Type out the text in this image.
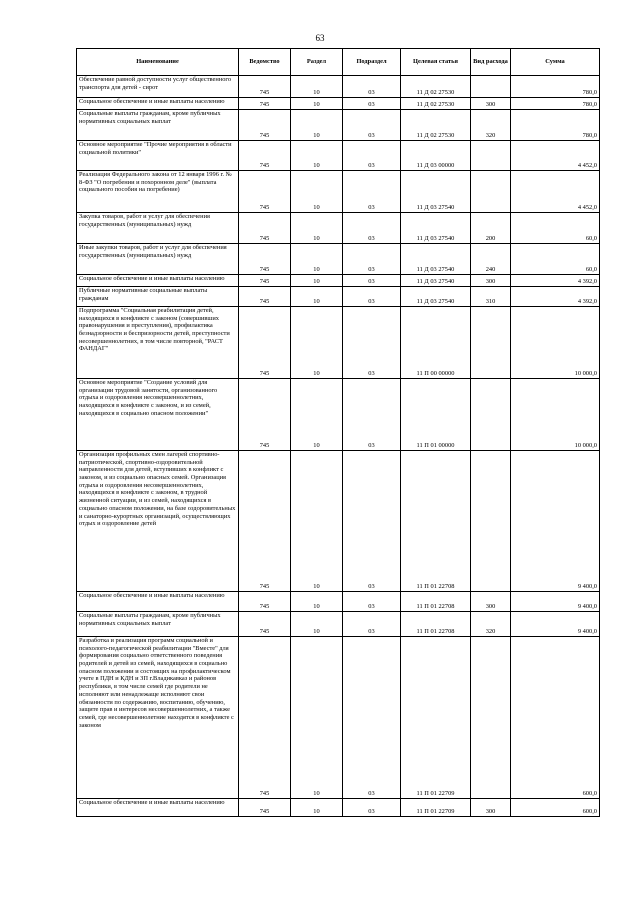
63
Наименование	Ведомство	Раздел	Подраздел	Целевая статья	Вид расхода	Сумма
Обеспечение равной доступности услуг общественного транспорта для детей - сирот	745	10	03	11 Д 02 27530		780,0
Социальное обеспечение и иные выплаты населению	745	10	03	11 Д 02 27530	300	780,0
Социальные выплаты гражданам, кроме публичных нормативных социальных выплат	745	10	03	11 Д 02 27530	320	780,0
Основное мероприятие "Прочие мероприятия в области социальной политики"	745	10	03	11 Д 03 00000		4 452,0
Реализация Федерального закона от 12 января 1996 г. № 8-ФЗ "О погребении и похоронном деле" (выплата социального пособия на погребение)	745	10	03	11 Д 03 27540		4 452,0
Закупка товаров, работ и услуг для обеспечения государственных (муниципальных) нужд	745	10	03	11 Д 03 27540	200	60,0
Иные закупки товаров, работ и услуг для обеспечения государственных (муниципальных) нужд	745	10	03	11 Д 03 27540	240	60,0
Социальное обеспечение и иные выплаты населению	745	10	03	11 Д 03 27540	300	4 392,0
Публичные нормативные социальные выплаты гражданам	745	10	03	11 Д 03 27540	310	4 392,0
Подпрограмма "Социальная реабилитация детей, находящихся в конфликте с законом (совершивших правонарушения и преступления), профилактика безнадзорности и беспризорности детей, преступности несовершеннолетних, в том числе повторной, "РАСТ ФАНДАГ"	745	10	03	11 П 00 00000		10 000,0
Основное мероприятие "Создание условий для организации трудовой занятости, организованного отдыха и оздоровления несовершеннолетних, находящихся в конфликте с законом, и из семей, находящихся в социально опасном положении"	745	10	03	11 П 01 00000		10 000,0
Организация профильных смен лагерей спортивно-патриотической, спортивно-оздоровительной направленности для детей, вступивших в конфликт с законом, и из социально опасных семей. Организация отдыха и оздоровления несовершеннолетних, находящихся в конфликте с законом, в трудной жизненной ситуации, и из семей, находящихся в социально опасном положении, на базе оздоровительных и санаторно-курортных организаций, осуществляющих отдых и оздоровление детей	745	10	03	11 П 01 22708		9 400,0
Социальное обеспечение и иные выплаты населению	745	10	03	11 П 01 22708	300	9 400,0
Социальные выплаты гражданам, кроме публичных нормативных социальных выплат	745	10	03	11 П 01 22708	320	9 400,0
Разработка и реализация программ социальной и психолого-педагогической реабилитации "Вместе" для формирования социально ответственного поведения родителей и детей из семей, находящихся в социально опасном положении и состоящих на профилактическом учете в ПДН и КДН и ЗП г.Владикавказ и районов республики, в том числе семей где родители не исполняют или ненадлежаще исполняют свои обязанности по содержанию, воспитанию, обучению, защите прав и интересов несовершеннолетних, а также семей, где несовершеннолетние находятся в конфликте с законом	745	10	03	11 П 01 22709		600,0
Социальное обеспечение и иные выплаты населению	745	10	03	11 П 01 22709	300	600,0
